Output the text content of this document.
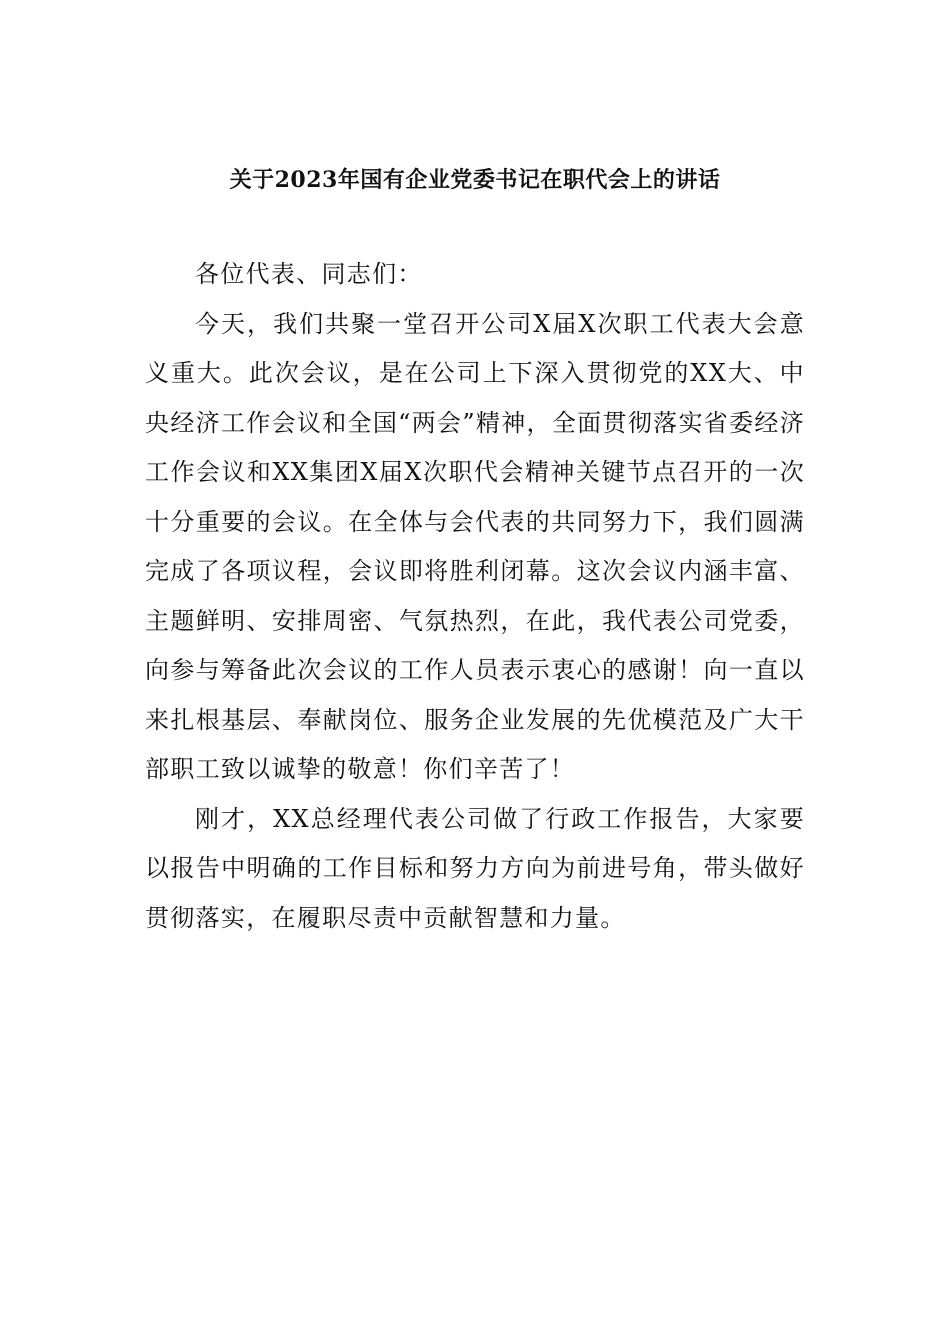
关于2023年国有企业党委书记在职代会上的讲话

各位代表、同志们：

今天，我们共聚一堂召开公司X届X次职工代表大会意义重大。此次会议，是在公司上下深入贯彻党的XX大、中央经济工作会议和全国“两会”精神，全面贯彻落实省委经济工作会议和XX集团X届X次职代会精神关键节点召开的一次十分重要的会议。在全体与会代表的共同努力下，我们圆满完成了各项议程，会议即将胜利闭幕。这次会议内涵丰富、主题鲜明、安排周密、气氛热烈，在此，我代表公司党委，向参与筹备此次会议的工作人员表示衷心的感谢！向一直以来扎根基层、奉献岗位、服务企业发展的先优模范及广大干部职工致以诚挚的敬意！你们辛苦了！

刚才，XX总经理代表公司做了行政工作报告，大家要以报告中明确的工作目标和努力方向为前进号角，带头做好贯彻落实，在履职尽责中贡献智慧和力量。
